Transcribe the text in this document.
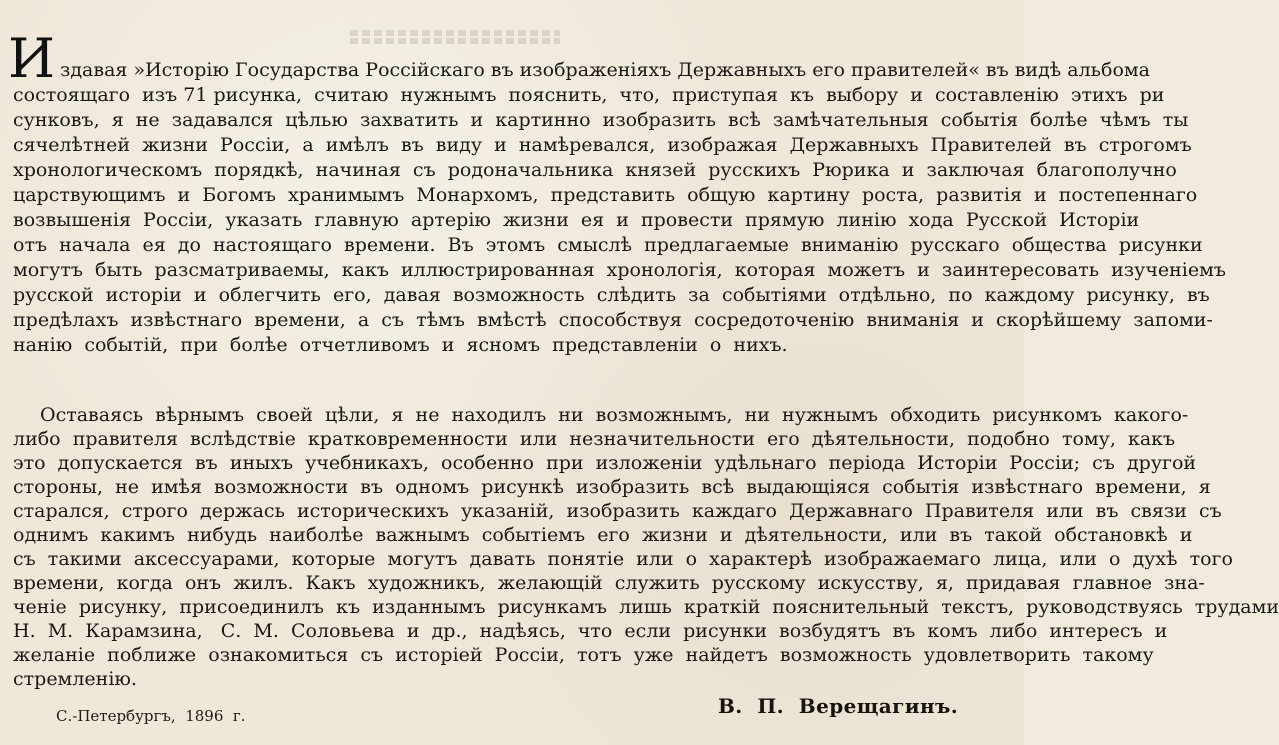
И здавая »Исторію Государства Россійскаго въ изображеніяхъ Державныхъ его правителей« въ видѣ альбома
состоящаго  изъ 71 рисунка,  считаю  нужнымъ  пояснить,  что,  приступая  къ  выбору  и  составленію  этихъ  ри
сунковъ,  я  не  задавался  цѣлью  захватить  и  картинно  изобразить  всѣ  замѣчательныя  событія  болѣе  чѣмъ  ты
сячелѣтней  жизни  Россіи,  а  имѣлъ  въ  виду  и  намѣревался,  изображая  Державныхъ  Правителей  въ  строгомъ
хронологическомъ  порядкѣ,  начиная  съ  родоначальника  князей  русскихъ  Рюрика  и  заключая  благополучно
царствующимъ  и  Богомъ  хранимымъ  Монархомъ,  представить  общую  картину  роста,  развитія  и  постепеннаго
возвышенія  Россіи,  указать  главную  артерію  жизни  ея  и  провести  прямую  линію  хода  Русской  Исторіи
отъ  начала  ея  до  настоящаго  времени.  Въ  этомъ  смыслѣ  предлагаемые  вниманію  русскаго  общества  рисунки
могутъ  быть  разсматриваемы,  какъ  иллюстрированная  хронологія,  которая  можетъ  и  заинтересовать  изученіемъ
русской  исторіи  и  облегчить  его,  давая  возможность  слѣдить  за  событіями  отдѣльно,  по  каждому  рисунку,  въ
предѣлахъ  извѣстнаго  времени,  а  съ  тѣмъ  вмѣстѣ  способствуя  сосредоточенію  вниманія  и  скорѣйшему  запоми-
нанію  событій,  при  болѣе  отчетливомъ  и  ясномъ  представленіи  о  нихъ.
Оставаясь  вѣрнымъ  своей  цѣли,  я  не  находилъ  ни  возможнымъ,  ни  нужнымъ  обходить  рисункомъ  какого-
либо  правителя  вслѣдствіе  кратковременности  или  незначительности  его  дѣятельности,  подобно  тому,  какъ
это  допускается  въ  иныхъ  учебникахъ,  особенно  при  изложеніи  удѣльнаго  періода  Исторіи  Россіи;  съ  другой
стороны,  не  имѣя  возможности  въ  одномъ  рисункѣ  изобразить  всѣ  выдающіяся  событія  извѣстнаго  времени,  я
старался,  строго  держась  историческихъ  указаній,  изобразить  каждаго  Державнаго  Правителя  или  въ  связи  съ
однимъ  какимъ  нибудь  наиболѣе  важнымъ  событіемъ  его  жизни  и  дѣятельности,  или  въ  такой  обстановкѣ  и
съ  такими  аксессуарами,  которые  могутъ  давать  понятіе  или  о  характерѣ  изображаемаго  лица,  или  о  духѣ  того
времени,  когда  онъ  жилъ.  Какъ  художникъ,  желающій  служить  русскому  искусству,  я,  придавая  главное  зна-
ченіе  рисунку,  присоединилъ  къ  изданнымъ  рисункамъ  лишь  краткій  пояснительный  текстъ,  руководствуясь  трудами
Н.  М.  Карамзина,   С.  М.  Соловьева  и  др.,  надѣясь,  что  если  рисунки  возбудятъ  въ  комъ  либо  интересъ  и
желаніе  поближе  ознакомиться  съ  исторіей  Россіи,  тотъ  уже  найдетъ  возможность  удовлетворить  такому
стремленію.
С.-Петербургъ,  1896  г.	В.  П.  Верещагинъ.
